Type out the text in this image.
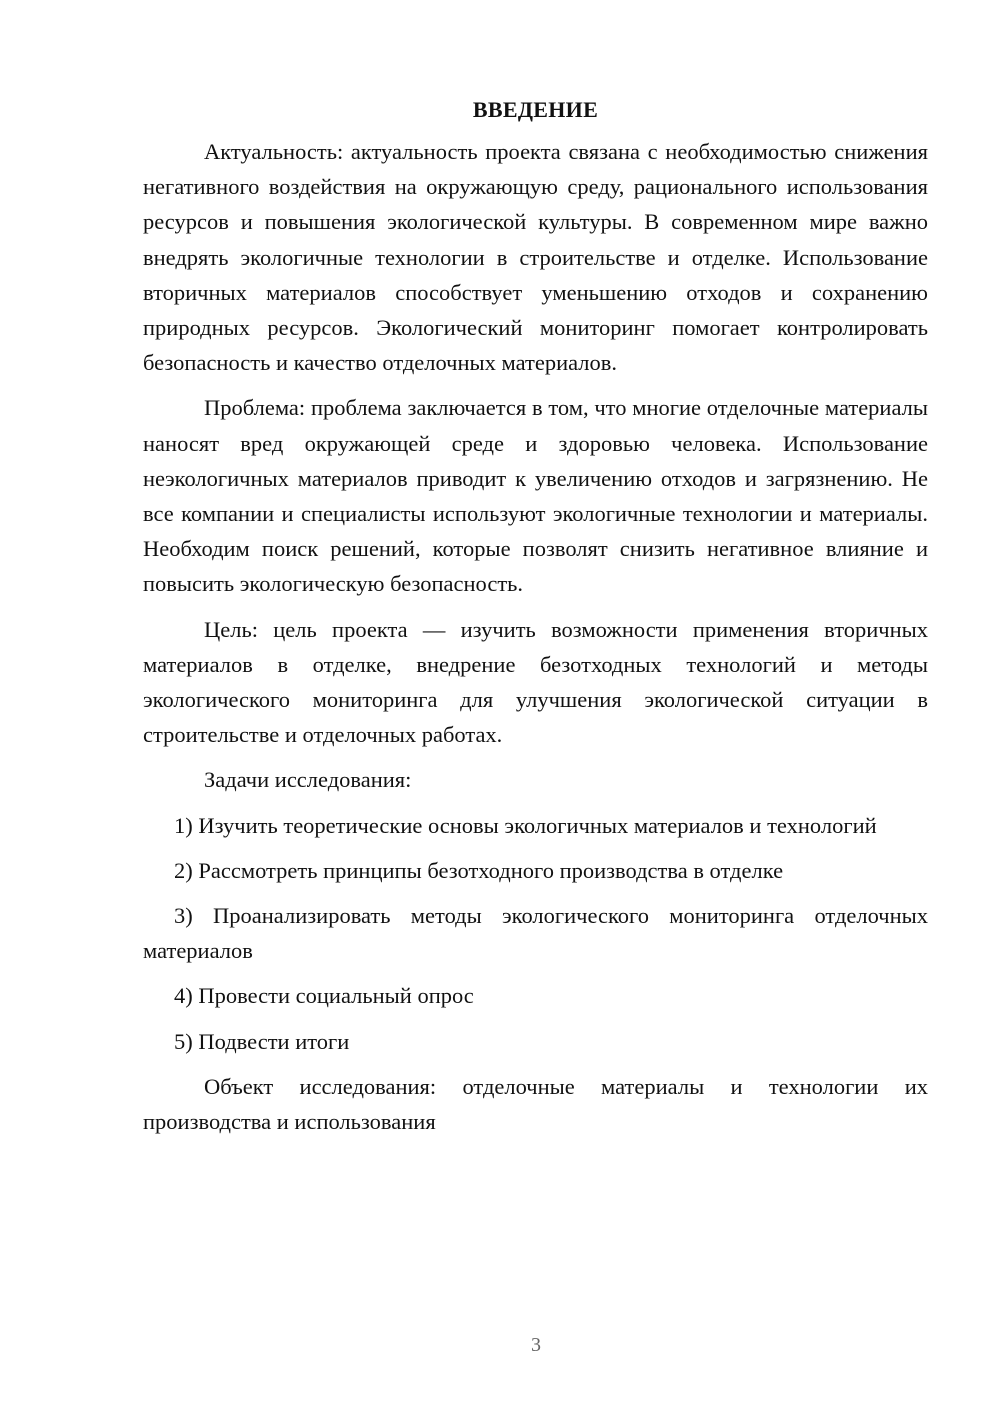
ВВЕДЕНИЕ

Актуальность: актуальность проекта связана с необходимостью снижения негативного воздействия на окружающую среду, рационального использования ресурсов и повышения экологической культуры. В современном мире важно внедрять экологичные технологии в строительстве и отделке. Использование вторичных материалов способствует уменьшению отходов и сохранению природных ресурсов. Экологический мониторинг помогает контролировать безопасность и качество отделочных материалов.

Проблема: проблема заключается в том, что многие отделочные материалы наносят вред окружающей среде и здоровью человека. Использование неэкологичных материалов приводит к увеличению отходов и загрязнению. Не все компании и специалисты используют экологичные технологии и материалы. Необходим поиск решений, которые позволят снизить негативное влияние и повысить экологическую безопасность.

Цель: цель проекта — изучить возможности применения вторичных материалов в отделке, внедрение безотходных технологий и методы экологического мониторинга для улучшения экологической ситуации в строительстве и отделочных работах.

Задачи исследования:

1) Изучить теоретические основы экологичных материалов и технологий

2) Рассмотреть принципы безотходного производства в отделке

3) Проанализировать методы экологического мониторинга отделочных материалов

4) Провести социальный опрос

5) Подвести итоги

Объект исследования: отделочные материалы и технологии их производства и использования

3
